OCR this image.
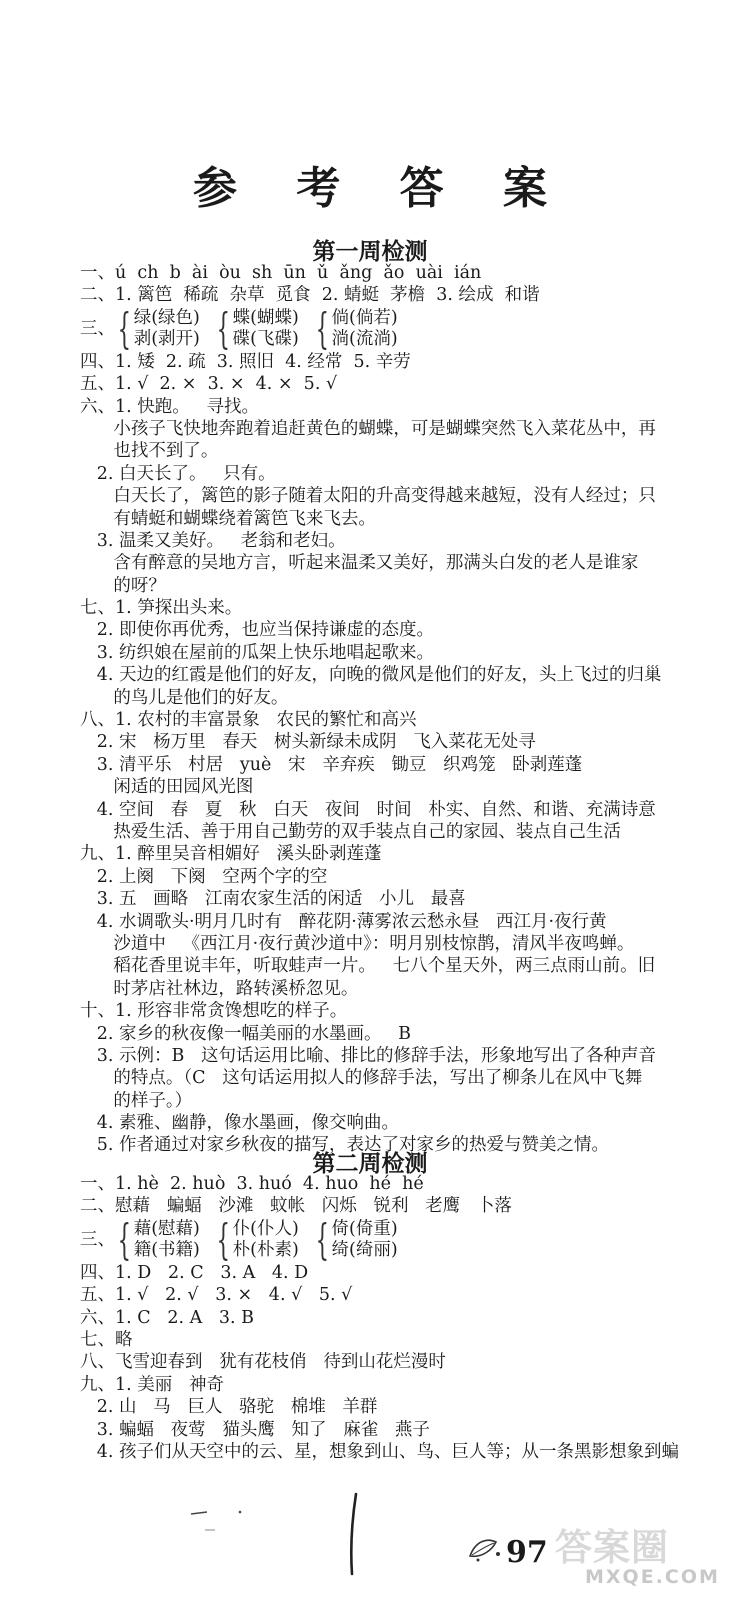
参 考 答 案
第一周检测
一、ú  ch  b  ài  òu  sh  ūn  ǔ  ǎng  ǎo  uài  ián
二、1. 篱笆  稀疏  杂草  觅食  2. 蜻蜓  茅檐  3. 绘成  和谐
三、 { 绿(绿色)
剥(剥开) { 蝶(蝴蝶)
碟(飞碟) { 倘(倘若)
淌(流淌)
四、1. 矮  2. 疏  3. 照旧  4. 经常  5. 辛劳
五、1. √  2. ×  3. ×  4. ×  5. √
六、1. 快跑。   寻找。
小孩子飞快地奔跑着追赶黄色的蝴蝶，可是蝴蝶突然飞入菜花丛中，再
也找不到了。
2. 白天长了。   只有。
白天长了，篱笆的影子随着太阳的升高变得越来越短，没有人经过；只
有蜻蜓和蝴蝶绕着篱笆飞来飞去。
3. 温柔又美好。   老翁和老妇。
含有醉意的吴地方言，听起来温柔又美好，那满头白发的老人是谁家
的呀？
七、1. 笋探出头来。
2. 即使你再优秀，也应当保持谦虚的态度。
3. 纺织娘在屋前的瓜架上快乐地唱起歌来。
4. 天边的红霞是他们的好友，向晚的微风是他们的好友，头上飞过的归巢
的鸟儿是他们的好友。
八、1. 农村的丰富景象   农民的繁忙和高兴
2. 宋   杨万里   春天   树头新绿未成阴   飞入菜花无处寻
3. 清平乐   村居   yuè   宋   辛弃疾   锄豆   织鸡笼   卧剥莲蓬
闲适的田园风光图
4. 空间   春   夏   秋   白天   夜间   时间   朴实、自然、和谐、充满诗意
热爱生活、善于用自己勤劳的双手装点自己的家园、装点自己生活
九、1. 醉里吴音相媚好   溪头卧剥莲蓬
2. 上阕   下阕   空两个字的空
3. 五   画略   江南农家生活的闲适   小儿   最喜
4. 水调歌头·明月几时有   醉花阴·薄雾浓云愁永昼   西江月·夜行黄
沙道中   《西江月·夜行黄沙道中》：明月别枝惊鹊，清风半夜鸣蝉。
稻花香里说丰年，听取蛙声一片。   七八个星天外，两三点雨山前。旧
时茅店社林边，路转溪桥忽见。
十、1. 形容非常贪馋想吃的样子。
2. 家乡的秋夜像一幅美丽的水墨画。   B
3. 示例：B   这句话运用比喻、排比的修辞手法，形象地写出了各种声音
的特点。（C   这句话运用拟人的修辞手法，写出了柳条儿在风中飞舞
的样子。）
4. 素雅、幽静，像水墨画，像交响曲。
5. 作者通过对家乡秋夜的描写，表达了对家乡的热爱与赞美之情。
第二周检测
一、1. hè  2. huò  3. huó  4. huo  hé  hé
二、慰藉   蝙蝠   沙滩   蚊帐   闪烁   锐利   老鹰   卜落
三、 { 藉(慰藉)
籍(书籍) { 仆(仆人)
朴(朴素) { 倚(倚重)
绮(绮丽)
四、1. D   2. C   3. A   4. D
五、1. √   2. √   3. ×   4. √   5. √
六、1. C   2. A   3. B
七、略
八、飞雪迎春到   犹有花枝俏   待到山花烂漫时
九、1. 美丽   神奇
2. 山   马   巨人   骆驼   棉堆   羊群
3. 蝙蝠   夜莺   猫头鹰   知了   麻雀   燕子
4. 孩子们从天空中的云、星，想象到山、鸟、巨人等；从一条黑影想象到蝙
97 答案圈
MXQE.COM
